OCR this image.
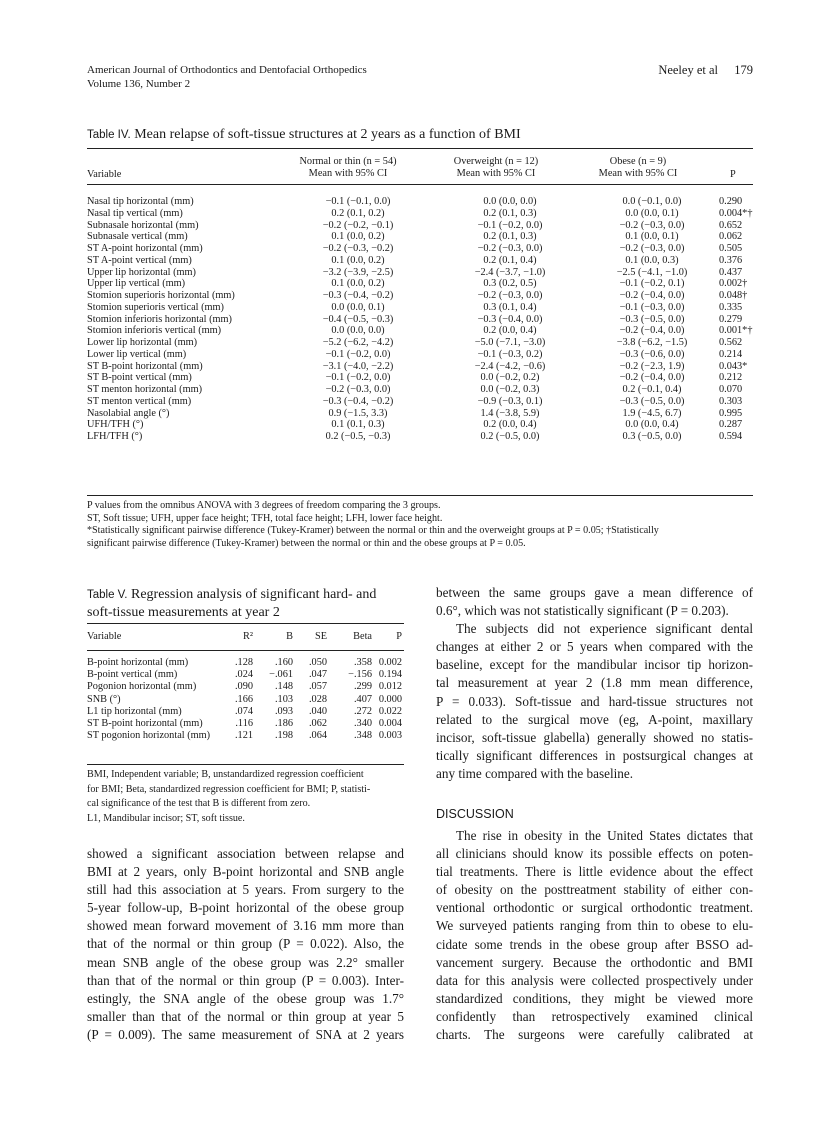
American Journal of Orthodontics and Dentofacial Orthopedics
Volume 136, Number 2
Neeley et al 179
Table IV. Mean relapse of soft-tissue structures at 2 years as a function of BMI
Variable
Normal or thin (n = 54)
Mean with 95% CI
Overweight (n = 12)
Mean with 95% CI
Obese (n = 9)
Mean with 95% CI	P
Nasal tip horizontal (mm)	−0.1 (−0.1, 0.0)	0.0 (0.0, 0.0)	0.0 (−0.1, 0.0)	0.290
Nasal tip vertical (mm)	0.2 (0.1, 0.2)	0.2 (0.1, 0.3)	0.0 (0.0, 0.1)	0.004*†
Subnasale horizontal (mm)	−0.2 (−0.2, −0.1)	−0.1 (−0.2, 0.0)	−0.2 (−0.3, 0.0)	0.652
Subnasale vertical (mm)	0.1 (0.0, 0.2)	0.2 (0.1, 0.3)	0.1 (0.0, 0.1)	0.062
ST A-point horizontal (mm)	−0.2 (−0.3, −0.2)	−0.2 (−0.3, 0.0)	−0.2 (−0.3, 0.0)	0.505
ST A-point vertical (mm)	0.1 (0.0, 0.2)	0.2 (0.1, 0.4)	0.1 (0.0, 0.3)	0.376
Upper lip horizontal (mm)	−3.2 (−3.9, −2.5)	−2.4 (−3.7, −1.0)	−2.5 (−4.1, −1.0)	0.437
Upper lip vertical (mm)	0.1 (0.0, 0.2)	0.3 (0.2, 0.5)	−0.1 (−0.2, 0.1)	0.002†
Stomion superioris horizontal (mm)	−0.3 (−0.4, −0.2)	−0.2 (−0.3, 0.0)	−0.2 (−0.4, 0.0)	0.048†
Stomion superioris vertical (mm)	0.0 (0.0, 0.1)	0.3 (0.1, 0.4)	−0.1 (−0.3, 0.0)	0.335
Stomion inferioris horizontal (mm)	−0.4 (−0.5, −0.3)	−0.3 (−0.4, 0.0)	−0.3 (−0.5, 0.0)	0.279
Stomion inferioris vertical (mm)	0.0 (0.0, 0.0)	0.2 (0.0, 0.4)	−0.2 (−0.4, 0.0)	0.001*†
Lower lip horizontal (mm)	−5.2 (−6.2, −4.2)	−5.0 (−7.1, −3.0)	−3.8 (−6.2, −1.5)	0.562
Lower lip vertical (mm)	−0.1 (−0.2, 0.0)	−0.1 (−0.3, 0.2)	−0.3 (−0.6, 0.0)	0.214
ST B-point horizontal (mm)	−3.1 (−4.0, −2.2)	−2.4 (−4.2, −0.6)	−0.2 (−2.3, 1.9)	0.043*
ST B-point vertical (mm)	−0.1 (−0.2, 0.0)	0.0 (−0.2, 0.2)	−0.2 (−0.4, 0.0)	0.212
ST menton horizontal (mm)	−0.2 (−0.3, 0.0)	0.0 (−0.2, 0.3)	0.2 (−0.1, 0.4)	0.070
ST menton vertical (mm)	−0.3 (−0.4, −0.2)	−0.9 (−0.3, 0.1)	−0.3 (−0.5, 0.0)	0.303
Nasolabial angle (°)	0.9 (−1.5, 3.3)	1.4 (−3.8, 5.9)	1.9 (−4.5, 6.7)	0.995
UFH/TFH (°)	0.1 (0.1, 0.3)	0.2 (0.0, 0.4)	0.0 (0.0, 0.4)	0.287
LFH/TFH (°)	0.2 (−0.5, −0.3)	0.2 (−0.5, 0.0)	0.3 (−0.5, 0.0)	0.594
P values from the omnibus ANOVA with 3 degrees of freedom comparing the 3 groups.
ST, Soft tissue; UFH, upper face height; TFH, total face height; LFH, lower face height.
*Statistically significant pairwise difference (Tukey-Kramer) between the normal or thin and the overweight groups at P = 0.05; †Statistically
significant pairwise difference (Tukey-Kramer) between the normal or thin and the obese groups at P = 0.05.
Table V. Regression analysis of significant hard- and
soft-tissue measurements at year 2
Variable	R²	B	SE	Beta	P
B-point horizontal (mm)	.128	.160	.050	.358 0.002
B-point vertical (mm)	.024	−.061	.047	−.156 0.194
Pogonion horizontal (mm)	.090	.148	.057	.299 0.012
SNB (°)	.166	.103	.028	.407 0.000
L1 tip horizontal (mm)	.074	.093	.040	.272 0.022
ST B-point horizontal (mm)	.116	.186	.062	.340 0.004
ST pogonion horizontal (mm)	.121	.198	.064	.348 0.003
BMI, Independent variable; B, unstandardized regression coefficient
for BMI; Beta, standardized regression coefficient for BMI; P, statisti-
cal significance of the test that B is different from zero.
L1, Mandibular incisor; ST, soft tissue.
showed a significant association between relapse and
BMI at 2 years, only B-point horizontal and SNB angle
still had this association at 5 years. From surgery to the
5-year follow-up, B-point horizontal of the obese group
showed mean forward movement of 3.16 mm more than
that of the normal or thin group (P = 0.022). Also, the
mean SNB angle of the obese group was 2.2° smaller
than that of the normal or thin group (P = 0.003). Inter-
estingly, the SNA angle of the obese group was 1.7°
smaller than that of the normal or thin group at year 5
(P = 0.009). The same measurement of SNA at 2 years
between the same groups gave a mean difference of
0.6°, which was not statistically significant (P = 0.203).
The subjects did not experience significant dental
changes at either 2 or 5 years when compared with the
baseline, except for the mandibular incisor tip horizon-
tal measurement at year 2 (1.8 mm mean difference,
P = 0.033). Soft-tissue and hard-tissue structures not
related to the surgical move (eg, A-point, maxillary
incisor, soft-tissue glabella) generally showed no statis-
tically significant differences in postsurgical changes at
any time compared with the baseline.
DISCUSSION
The rise in obesity in the United States dictates that
all clinicians should know its possible effects on poten-
tial treatments. There is little evidence about the effect
of obesity on the posttreatment stability of either con-
ventional orthodontic or surgical orthodontic treatment.
We surveyed patients ranging from thin to obese to elu-
cidate some trends in the obese group after BSSO ad-
vancement surgery. Because the orthodontic and BMI
data for this analysis were collected prospectively under
standardized conditions, they might be viewed more
confidently than retrospectively examined clinical
charts. The surgeons were carefully calibrated at
